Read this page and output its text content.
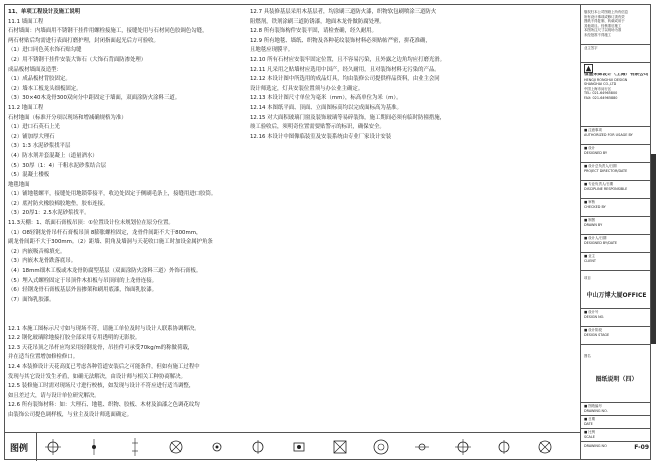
11、单项工程设计及施工说明
11.1 墙面工程
石材墙面：内墙面用不锈钢干挂件用螺栓接施工，接缝处用与石材同色胶调色勾缝，
两石材贴后均需进行表面打磨护理，封闭指面起光后方可验收。
（1）进口同色英水饰石贴勾缝
（2）用不锈钢干挂件安装大饰石（大饰石背面防渗处理）
成品板材墙面及造型：
（1）成品板材背胶固定。
（2）墙本工板龙头细板固定。
（3）30×40木龙骨300双向分中距固定于墙面，双面涂防火涂料三道。
11.2 地面工程
石材地面（标准开分项以现场和增减确规格为准）
（1）进口石英石上光
（2）铺加厚大理石
（3）1:3 水泥砂浆找平层
（4）防水剂并套混凝上（道量酒水）
（5）30厚（1：4）干粗水泥砂浆结合层
（5）混凝土楼板
地毯地面
（1）铺地毯螺平，接缝处用地锁带接平，收边处固定于侧刷毛条上，接缝用进口胶筒。
（2）底衬防火橡胶棉胶地垫，胶布连接。
（3）20厚1：2.5水泥砂浆找平。
11.3天棚：1、纸面石膏板吊顶：①位置设计位未规划位在原分位置。
（1）O8轻钢龙骨吊杆石膏板吊顶 8膨胀螺栓固定，龙骨件间距不大于800mm，
副龙骨间距不大于300mm。（2）距墙、阴角及墙洞与天花收口施工时加设金属护角条
（2）内嵌吸音棉填充。
（3）内嵌木龙骨跌落底吊。
（4）18mm细木工板或木龙骨防腐型基层（双面涂防火涂料三道）外饰石膏板。
（5）埋入式螺栓固定于吊顶件木扣板与吊顶间的上龙骨连接。
（6）轻钢龙骨石膏板基层外齿掺架和刷用底漆，饰面乳胶漆。
（7）面饰乳胶漆。
12.1 本施工图标示尺寸如与现场不符，请施工单位及时与设计人联系协调解决。
12.2 钢化玻璃除地接打胶全部采用专用透明的无影胶。
12.3 天花吊顶之吊杆应均采用轻钢龙骨，吊挂件可承受70kg/m的称做荷载，
并在适当位置增加修检修口。
12.4 本装修设计天花高度已考虑各种管道安装后之可能条件，但如有施工过程中
发现与其它设计发生矛盾，如确无法解决，由设计师与相关工种协商解决。
12.5 装修施工时需对现场尺寸进行校核，如发现与设计不符应进行适当调整，
如且差过大，请与设计单位研究解决。
12.6 所有装饰材料：如：大理石、地毯、织物、胶板、木材及油漆之色调花纹均
由装饰公司提色调样板，与业主及设计师选面确定。
12.7 具装修基层采用木基层者，均涂刷三道防火漆，织物软包刷喷涂三道防火
阻燃剂，铁剂涂刷三道防锈漆，地面木龙骨做防腐处理。
12.8 所有装饰构件安装平固，请检查确，经久耐用。
12.9 所有地毯、墙纸、织物及各种花纹装饰材料必须贴帖严密，拼花准确，
且地毯应现膜平。
12.10 所有石材应安装牢固定位置，且不容易污染，且外露之边角均应打磨光滑。
12.11 凡采用之贴墙材应选用中国产，经久耐用，且对装饰材料无污染的产品。
12.12 本设计图中所选用的成品灯具，均由装修公司提供样品资料，由业主会同
设计师选定，灯具安装位置须与办公业主确定。
12.13 本设计图尺寸单位为毫米（mm），标高单位为米（m）。
12.14 本图纸平面、顶面、立面图标高均以完成面标高为基准。
12.15 对大面积玻璃门窗及装饰玻璃等易碎装饰，施工期间必须有临时防撞措施，
竣工验收后，须明奇位置需要贴警示的标识，确保安全。
12.16 本设计中图像临装室及安装系统由专业厂家设计安装
图例
版权归本公司图纸上所有信息
所有设计事项或修订须有效
图纸不得复制、转载或用于
其他项目。经核准后施工
本图所注尺寸以现场为准
未经批准不得施工
业主签字
恒基荣辉设计（上海）有限公司
HENGJI RONGHUI DESIGN
SHANGHAI CO.,LTD
中国上海市闵行区
TEL: 021-64965800
FAX: 021-64965880
■ 注意事项
AUTHORIZED FOR USAGE BY
■ 设计
DESIGNED BY
■ 设计总负责人/日期
PROJECT DIRECTOR/DATE
■ 专业负责人/日期
DISCIPLINE RESPONSIBLE
■ 审核
CHECKED BY
■ 制图
DRAWN BY
■ 设计人/日期
DESIGNED BY/DATE
■ 业主
CLIENT
项目
中山万博大厦OFFICE
■ 设计号
DESIGN NO.
■ 设计阶段
DESIGN STAGE
图名
图纸说明（四）
■ 图纸编号
DRAWING NO.
■ 日期
DATE
■ 比例
SCALE
DRAWING NO	F-09
